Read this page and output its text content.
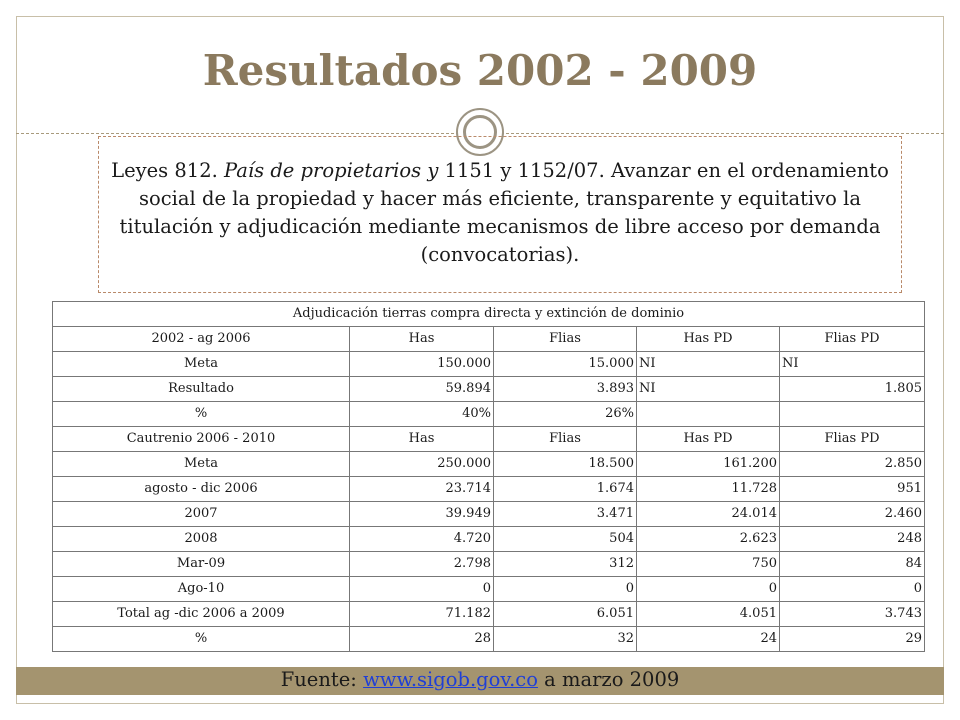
Resultados 2002 - 2009
Leyes 812. País de propietarios y 1151 y 1152/07. Avanzar en el ordenamiento social de la propiedad y hacer más eficiente, transparente y equitativo la titulación y adjudicación mediante mecanismos de libre acceso por demanda (convocatorias).
Adjudicación tierras compra directa y extinción de dominio				
2002 - ag 2006	Has	Flias	Has PD	Flias PD
Meta	150.000	15.000	NI	NI
Resultado	59.894	3.893	NI	1.805
%	40%	26%		
Cautrenio 2006 - 2010	Has	Flias	Has PD	Flias PD
Meta	250.000	18.500	161.200	2.850
agosto - dic 2006	23.714	1.674	11.728	951
2007	39.949	3.471	24.014	2.460
2008	4.720	504	2.623	248
Mar-09	2.798	312	750	84
Ago-10	0	0	0	0
Total ag -dic 2006 a 2009	71.182	6.051	4.051	3.743
%	28	32	24	29
Fuente: www.sigob.gov.co a marzo 2009
